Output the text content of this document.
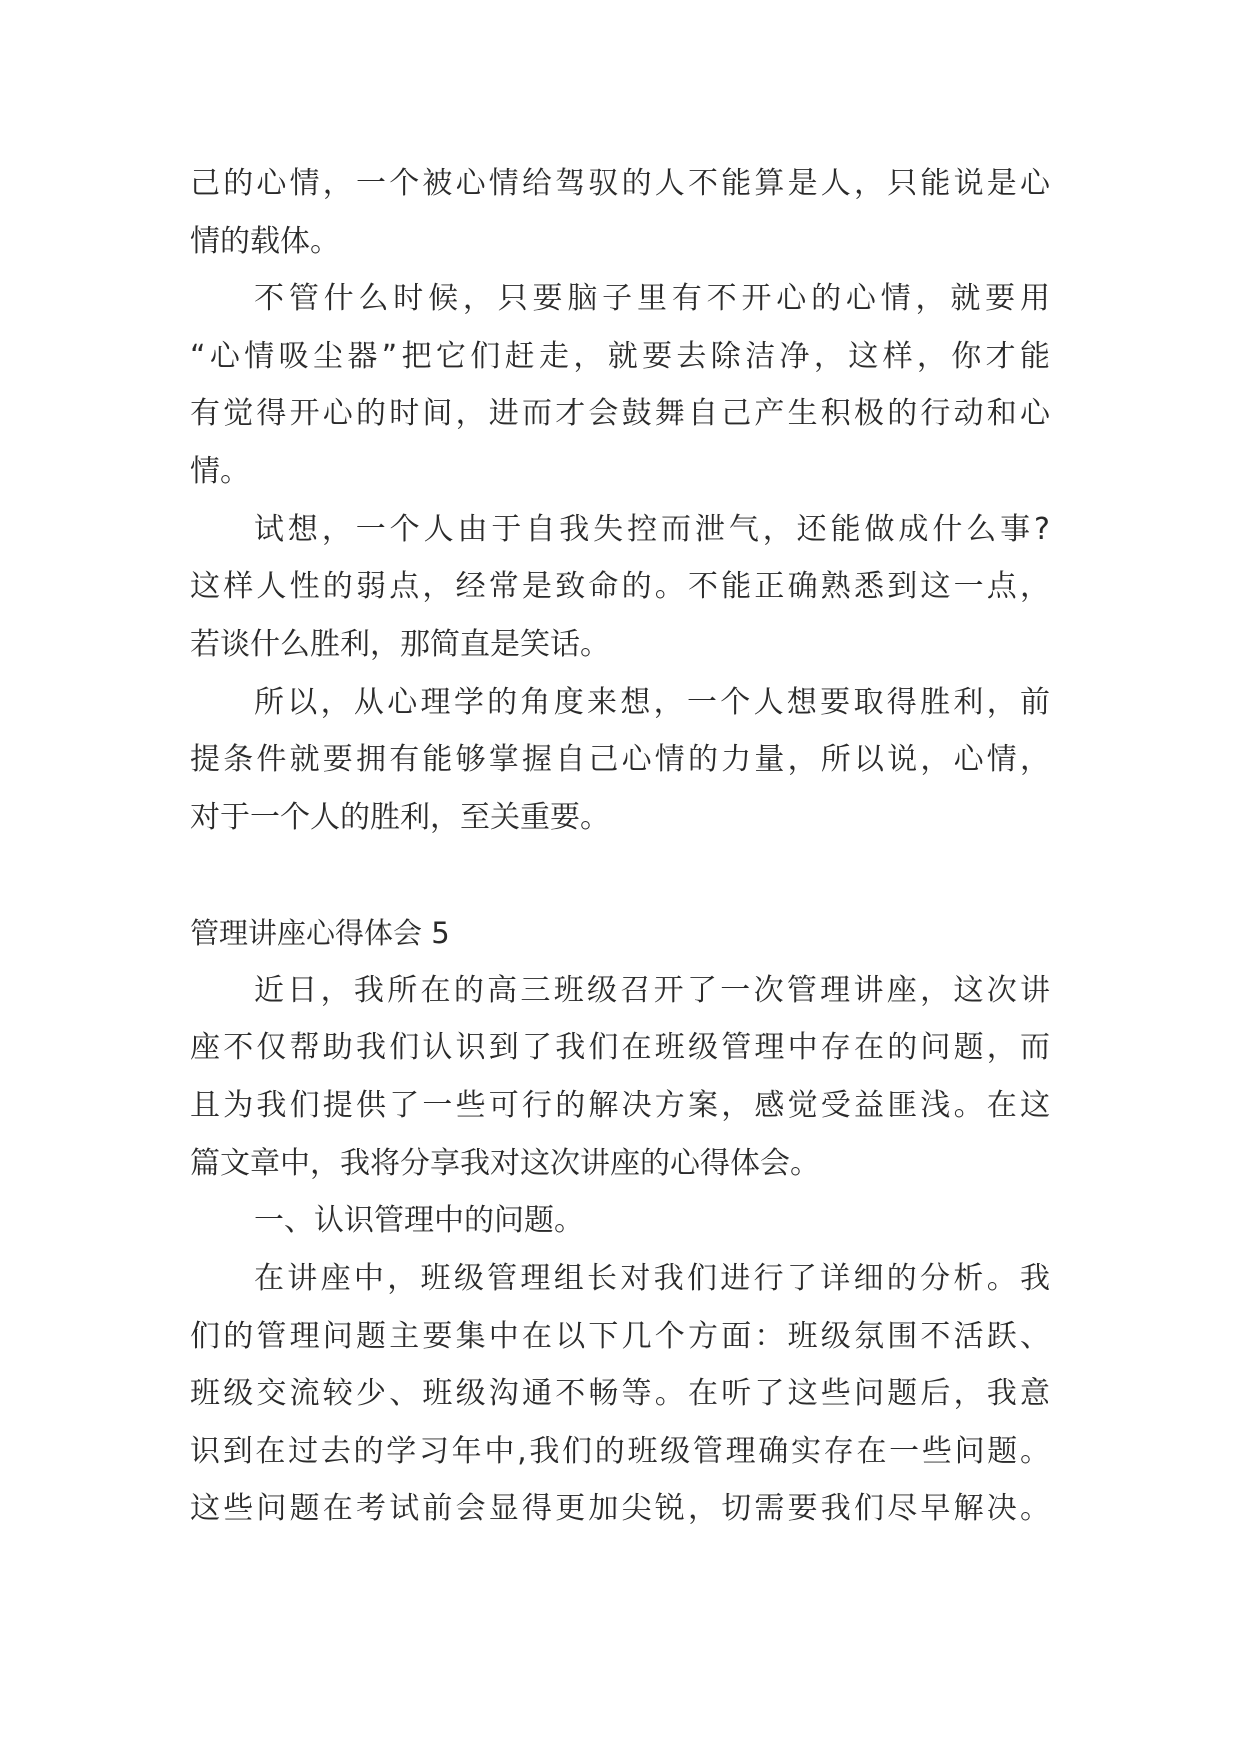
己的心情，一个被心情给驾驭的人不能算是人，只能说是心
情的载体。
不管什么时候，只要脑子里有不开心的心情，就要用
“心情吸尘器”把它们赶走，就要去除洁净，这样，你才能
有觉得开心的时间，进而才会鼓舞自己产生积极的行动和心
情。
试想，一个人由于自我失控而泄气，还能做成什么事?
这样人性的弱点，经常是致命的。不能正确熟悉到这一点，
若谈什么胜利，那简直是笑话。
所以，从心理学的角度来想，一个人想要取得胜利，前
提条件就要拥有能够掌握自己心情的力量，所以说，心情，
对于一个人的胜利，至关重要。
管理讲座心得体会 5
近日，我所在的高三班级召开了一次管理讲座，这次讲
座不仅帮助我们认识到了我们在班级管理中存在的问题，而
且为我们提供了一些可行的解决方案，感觉受益匪浅。在这
篇文章中，我将分享我对这次讲座的心得体会。
一、认识管理中的问题。
在讲座中，班级管理组长对我们进行了详细的分析。我
们的管理问题主要集中在以下几个方面：班级氛围不活跃、
班级交流较少、班级沟通不畅等。在听了这些问题后，我意
识到在过去的学习年中,我们的班级管理确实存在一些问题。
这些问题在考试前会显得更加尖锐，切需要我们尽早解决。
